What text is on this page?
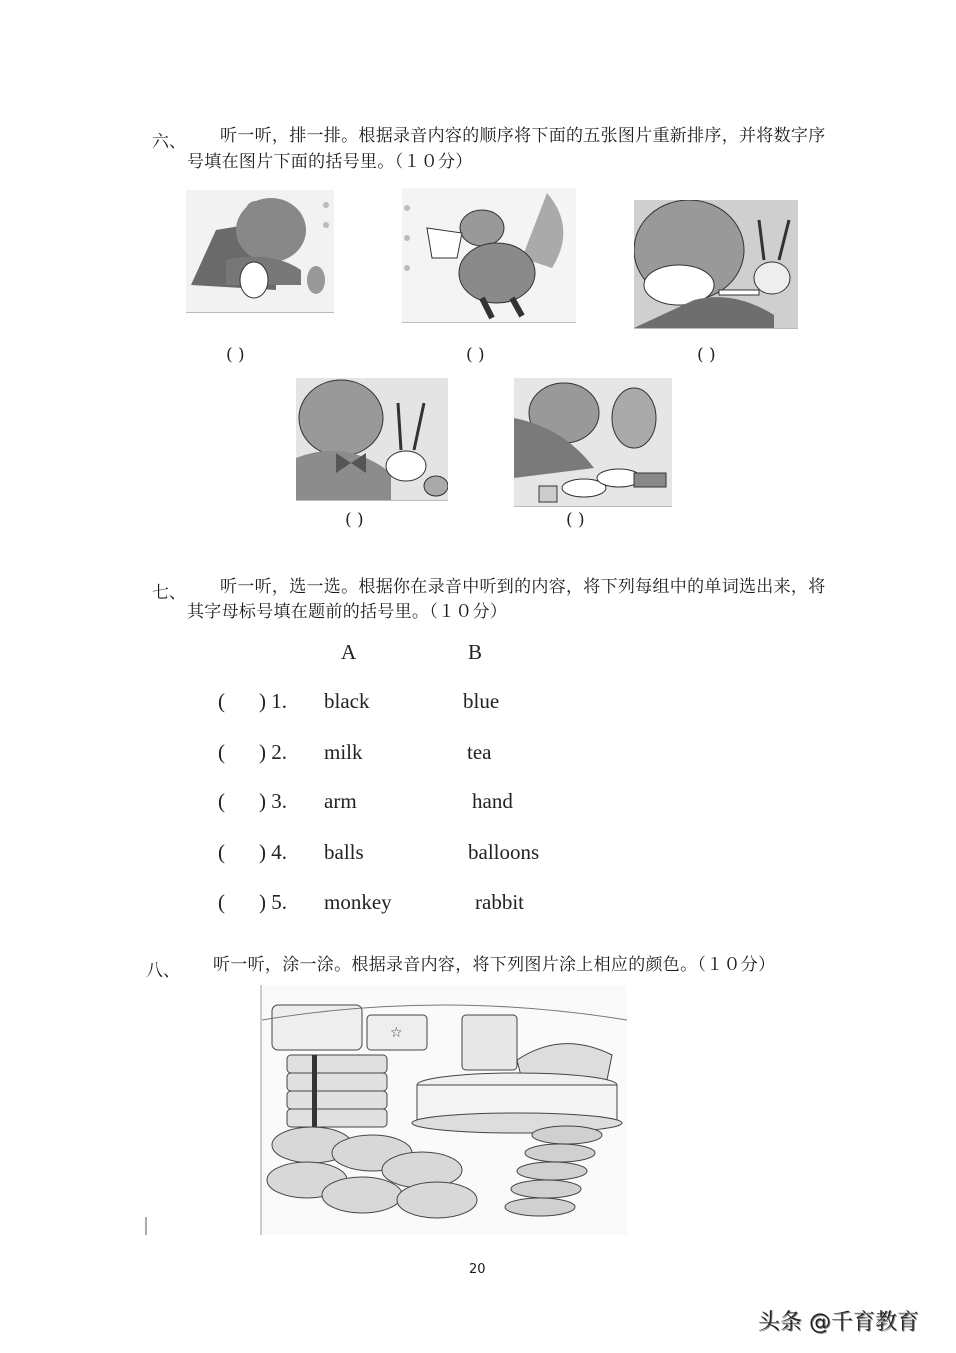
六、 听一听，排一排。根据录音内容的顺序将下面的五张图片重新排序，并将数字序
号填在图片下面的括号里。（１０分）
( )	( )	( )
( )	( )
七、 听一听，选一选。根据你在录音中听到的内容，将下列每组中的单词选出来，将
其字母标号填在题前的括号里。（１０分）
A	B
( ) 1. black	blue
( ) 2. milk	tea
( ) 3. arm	hand
( ) 4. balls	balloons
( ) 5. monkey	rabbit
八、 听一听，涂一涂。根据录音内容，将下列图片涂上相应的颜色。（１０分）
☆
20
头条 @千育教育
